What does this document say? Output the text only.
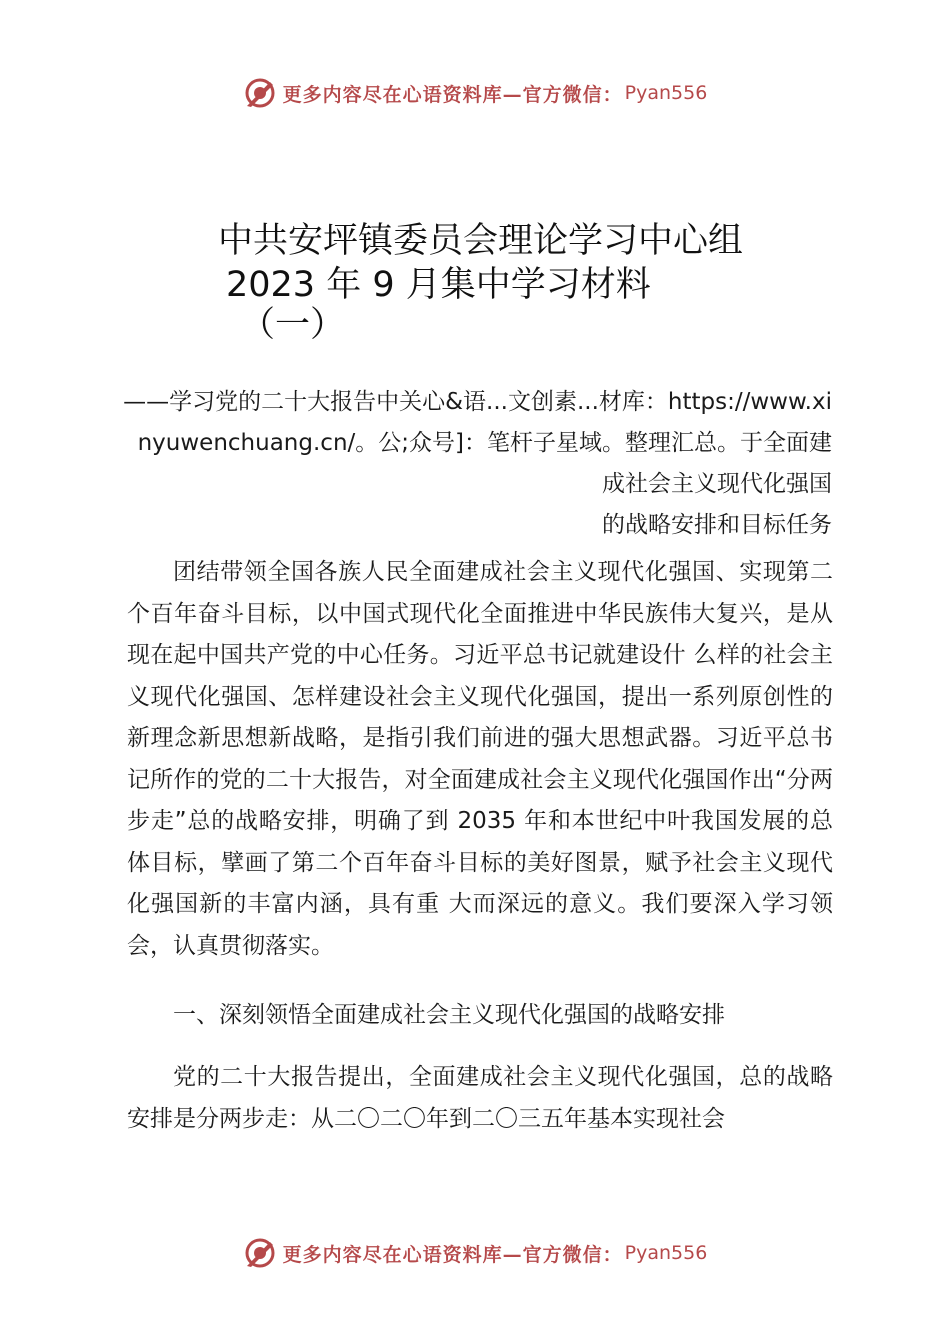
更多内容尽在心语资料库—官方微信： Pyan556
中共安坪镇委员会理论学习中心组
2023 年 9 月集中学习材料
（一）
——学习党的二十大报告中关心&语...文创素...材库：https://www.xinyuwenchuang.cn/。公;众号]：笔杆子星域。整理汇总。于全面建成社会主义现代化强国
的战略安排和目标任务
团结带领全国各族人民全面建成社会主义现代化强国、实现第二个百年奋斗目标，以中国式现代化全面推进中华民族伟大复兴，是从现在起中国共产党的中心任务。习近平总书记就建设什 么样的社会主义现代化强国、怎样建设社会主义现代化强国，提出一系列原创性的新理念新思想新战略，是指引我们前进的强大思想武器。习近平总书记所作的党的二十大报告，对全面建成社会主义现代化强国作出“分两步走”总的战略安排，明确了到 2035 年和本世纪中叶我国发展的总体目标，擘画了第二个百年奋斗目标的美好图景，赋予社会主义现代化强国新的丰富内涵，具有重 大而深远的意义。我们要深入学习领会，认真贯彻落实。
一、深刻领悟全面建成社会主义现代化强国的战略安排
党的二十大报告提出，全面建成社会主义现代化强国，总的战略安排是分两步走：从二〇二〇年到二〇三五年基本实现社会
更多内容尽在心语资料库—官方微信： Pyan556
